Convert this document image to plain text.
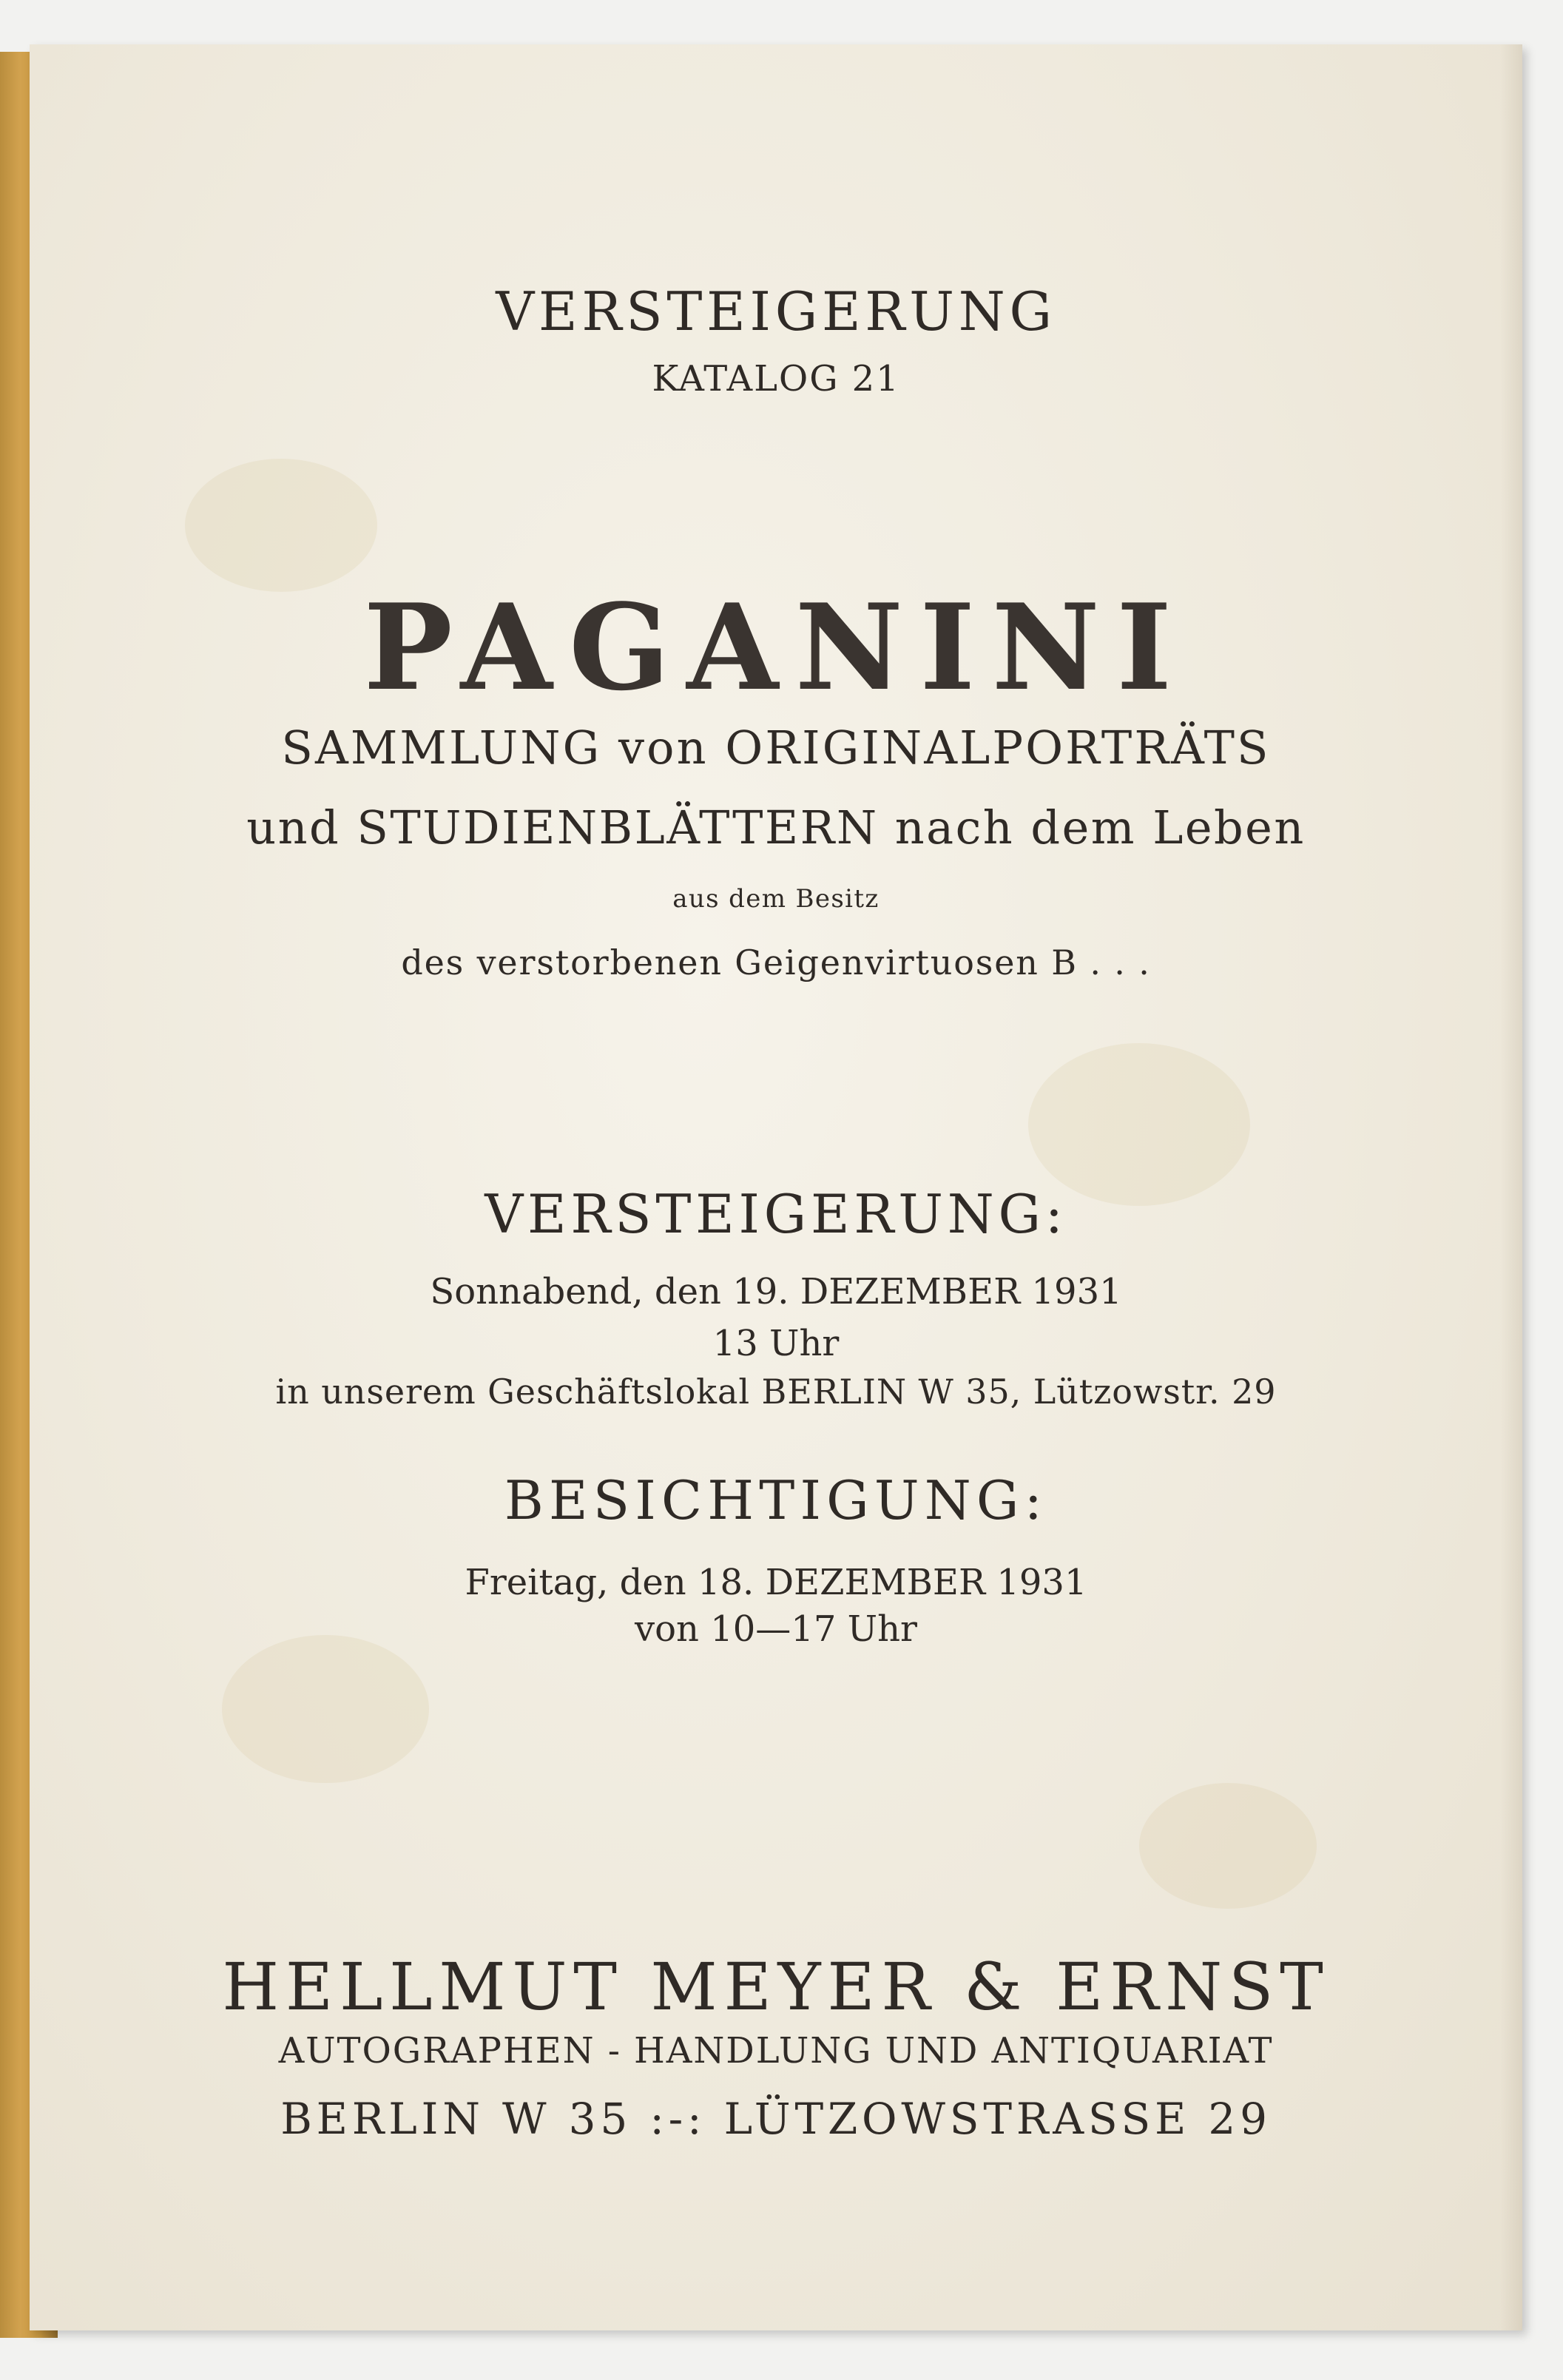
VERSTEIGERUNG
KATALOG 21
PAGANINI
SAMMLUNG von ORIGINALPORTRÄTS
und STUDIENBLÄTTERN nach dem Leben
aus dem Besitz
des verstorbenen Geigenvirtuosen B . . .
VERSTEIGERUNG:
Sonnabend, den 19. DEZEMBER 1931
13 Uhr
in unserem Geschäftslokal BERLIN W 35, Lützowstr. 29
BESICHTIGUNG:
Freitag, den 18. DEZEMBER 1931
von 10—17 Uhr
HELLMUT MEYER & ERNST
AUTOGRAPHEN - HANDLUNG UND ANTIQUARIAT
BERLIN W 35 :-: LÜTZOWSTRASSE 29
